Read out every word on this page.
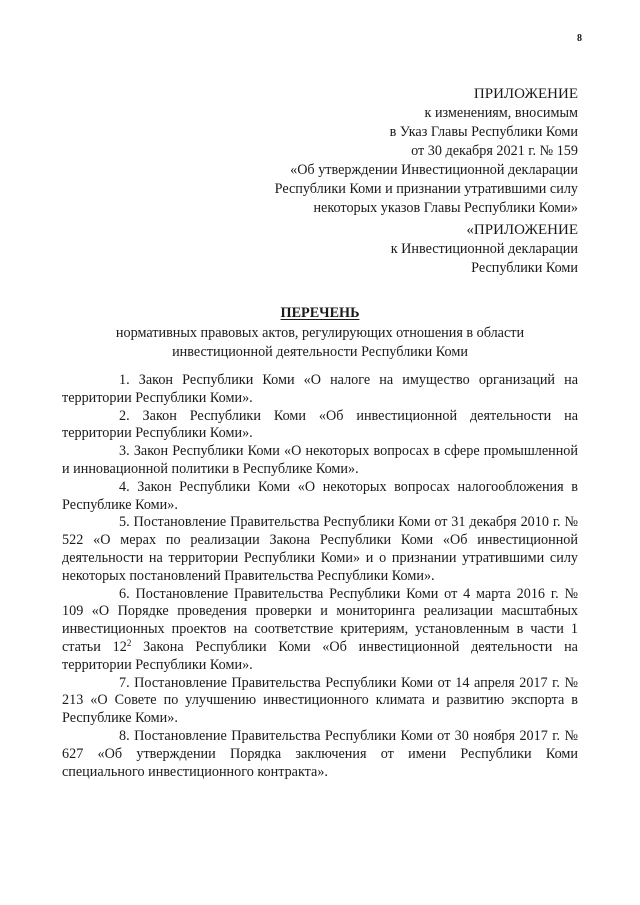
8
ПРИЛОЖЕНИЕ
к изменениям, вносимым
в Указ Главы Республики Коми
от 30 декабря 2021 г. № 159
«Об утверждении Инвестиционной декларации
Республики Коми и признании утратившими силу
некоторых указов Главы Республики Коми»
«ПРИЛОЖЕНИЕ
к Инвестиционной декларации
Республики Коми
ПЕРЕЧЕНЬ
нормативных правовых актов, регулирующих отношения в области
инвестиционной деятельности Республики Коми

1. Закон Республики Коми «О налоге на имущество организаций на территории Республики Коми».

2. Закон Республики Коми «Об инвестиционной деятельности на территории Республики Коми».

3. Закон Республики Коми «О некоторых вопросах в сфере промышленной и инновационной политики в Республике Коми».

4. Закон Республики Коми «О некоторых вопросах налогообложения в Республике Коми».

5. Постановление Правительства Республики Коми от 31 декабря 2010 г. № 522 «О мерах по реализации Закона Республики Коми «Об инвестиционной деятельности на территории Республики Коми» и о признании утратившими силу некоторых постановлений Правительства Республики Коми».

6. Постановление Правительства Республики Коми от 4 марта 2016 г. № 109 «О Порядке проведения проверки и мониторинга реализации масштабных инвестиционных проектов на соответствие критериям, установленным в части 1 статьи $12^2$ Закона Республики Коми «Об инвестиционной деятельности на территории Республики Коми».

7. Постановление Правительства Республики Коми от 14 апреля 2017 г. № 213 «О Совете по улучшению инвестиционного климата и развитию экспорта в Республике Коми».

8. Постановление Правительства Республики Коми от 30 ноября 2017 г. № 627 «Об утверждении Порядка заключения от имени Республики Коми специального инвестиционного контракта».
